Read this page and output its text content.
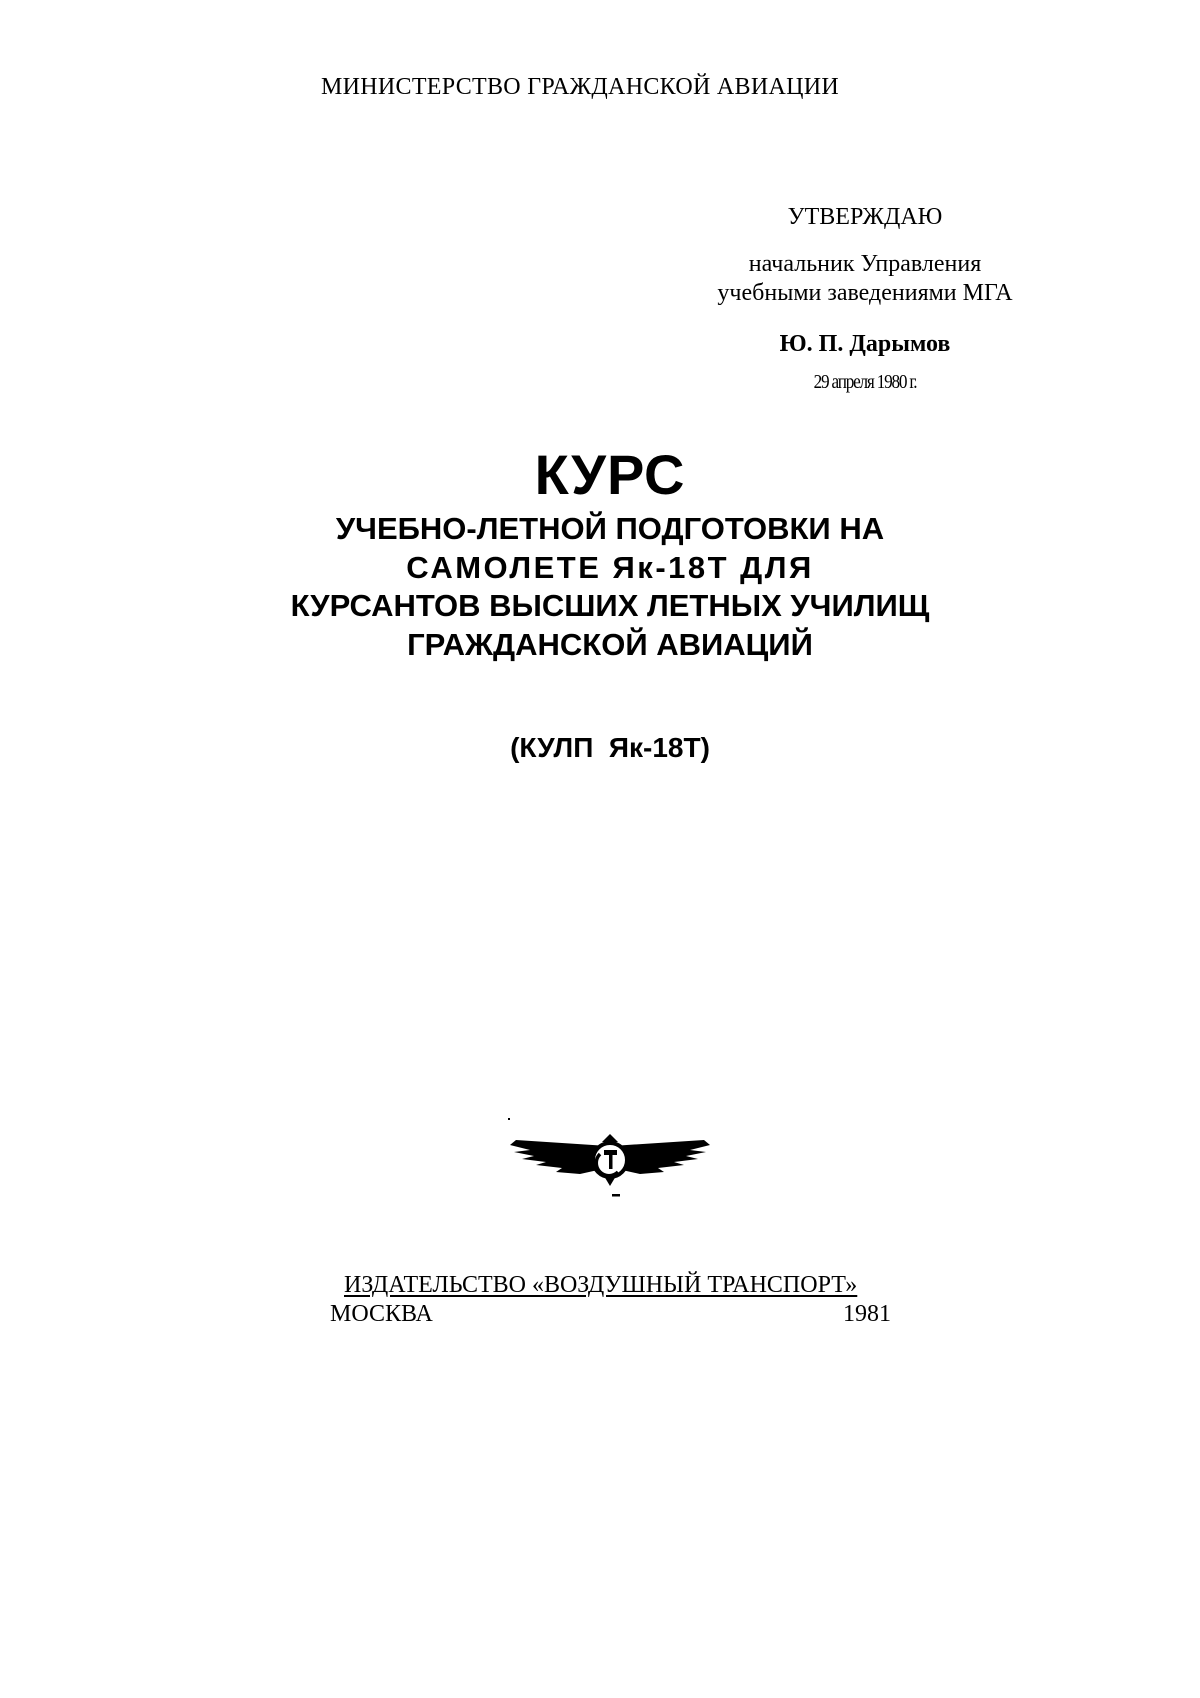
МИНИСТЕРСТВО ГРАЖДАНСКОЙ АВИАЦИИ
УТВЕРЖДАЮ
начальник Управления
учебными заведениями МГА
Ю. П. Дарымов
29 апреля 1980 г.
КУРС
УЧЕБНО-ЛЕТНОЙ ПОДГОТОВКИ НА
САМОЛЕТЕ Як-18Т ДЛЯ
КУРСАНТОВ ВЫСШИХ ЛЕТНЫХ УЧИЛИЩ
ГРАЖДАНСКОЙ АВИАЦИЙ
(КУЛП  Як-18Т)
ИЗДАТЕЛЬСТВО «ВОЗДУШНЫЙ ТРАНСПОРТ»
МОСКВА	1981
